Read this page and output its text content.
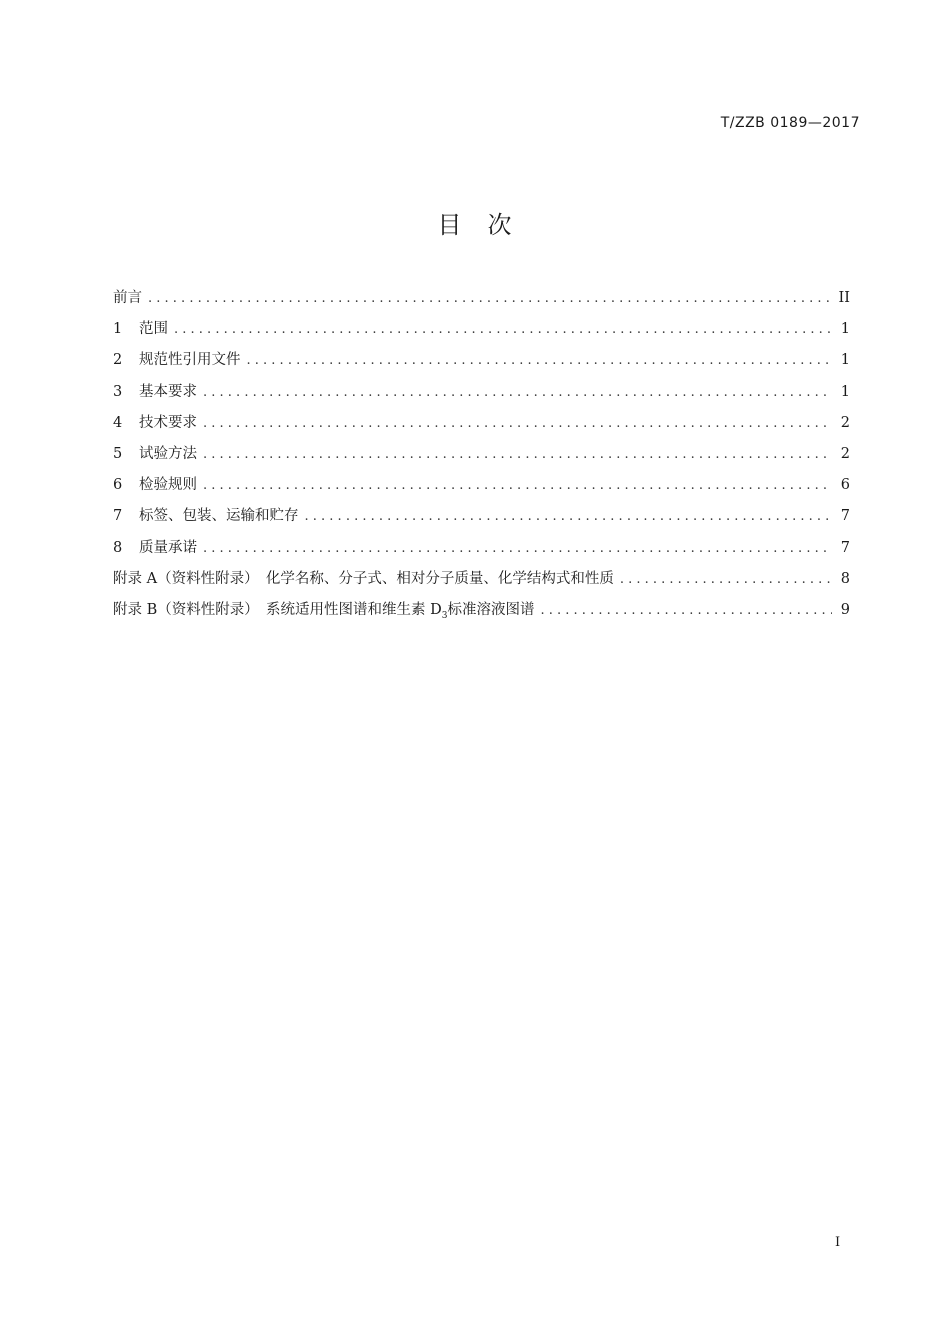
T/ZZB 0189—2017
目　次
前言 . . .	II
1	范围 . . .	1
2	规范性引用文件 . . .	1
3	基本要求 . . .	1
4	技术要求 . . .	2
5	试验方法 . . .	2
6	检验规则 . . .	6
7	标签、包装、运输和贮存 . . .	7
8	质量承诺 . . .	7
附录 A（资料性附录）　化学名称、分子式、相对分子质量、化学结构式和性质 . . .	8
附录 B（资料性附录）　系统适用性图谱和维生素 $D_3$标准溶液图谱 . . .	9
I
